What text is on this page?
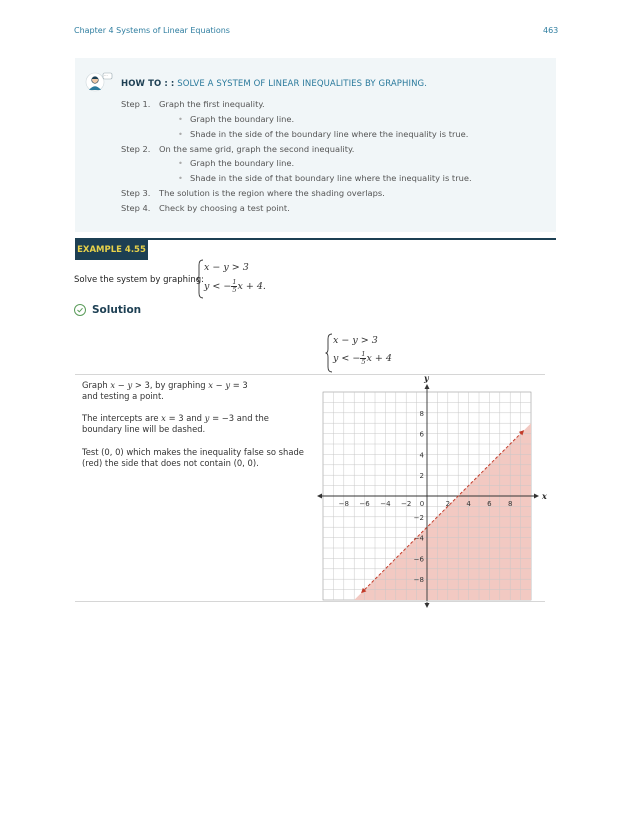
Chapter 4 Systems of Linear Equations	463
...
HOW TO : : SOLVE A SYSTEM OF LINEAR INEQUALITIES BY GRAPHING.
Step 1. Graph the first inequality.
• Graph the boundary line.
• Shade in the side of the boundary line where the inequality is true.
Step 2. On the same grid, graph the second inequality.
• Graph the boundary line.
• Shade in the side of that boundary line where the inequality is true.
Step 3. The solution is the region where the shading overlaps.
Step 4. Check by choosing a test point.
EXAMPLE 4.55
Solve the system by graphing:
x − y > 3
y < − $\frac{1}{5}$ x + 4.
Solution
x − y > 3
y < − $\frac{1}{5}$ x + 4
Graph x − y > 3, by graphing x − y = 3
and testing a point.
The intercepts are x = 3 and y = −3 and the
boundary line will be dashed.
Test (0, 0) which makes the inequality false so shade
(red) the side that does not contain (0, 0).
x
y
−8 −6 −4 −2 0	2 4 6 8
8
6
4
2
−2
−4
−6
−8
